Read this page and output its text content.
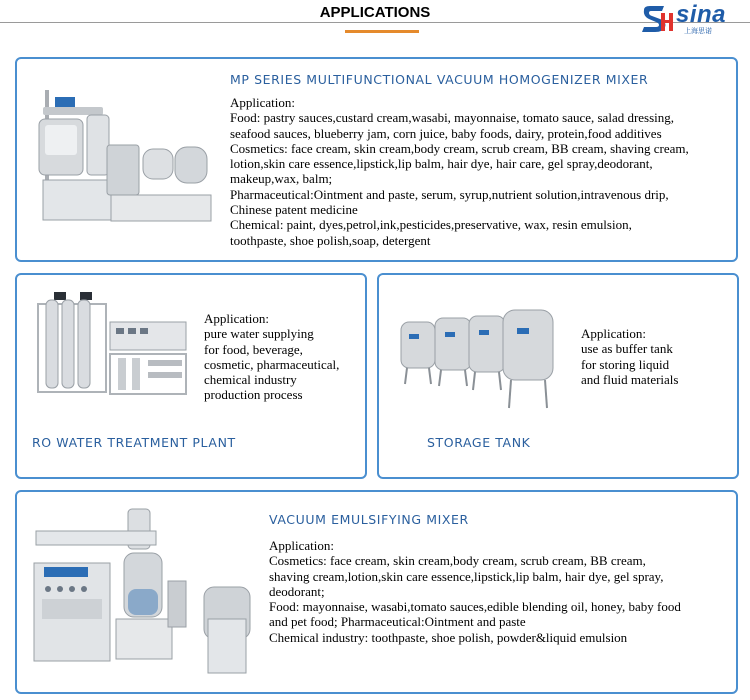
APPLICATIONS	sina
上海思诺
MP SERIES MULTIFUNCTIONAL VACUUM HOMOGENIZER MIXER
Application:
Food: pastry sauces,custard cream,wasabi, mayonnaise, tomato sauce, salad dressing,
seafood sauces, blueberry jam, corn juice, baby foods, dairy, protein,food additives
Cosmetics: face cream, skin cream,body cream, scrub cream, BB cream, shaving cream,
lotion,skin care essence,lipstick,lip balm, hair dye, hair care, gel spray,deodorant,
makeup,wax, balm;
Pharmaceutical:Ointment and paste, serum, syrup,nutrient solution,intravenous drip,
Chinese patent medicine
Chemical: paint, dyes,petrol,ink,pesticides,preservative, wax, resin emulsion,
toothpaste, shoe polish,soap, detergent
Application:
pure water supplying
for food, beverage,
cosmetic, pharmaceutical,
chemical industry
production process
RO WATER TREATMENT PLANT
Application:
use as buffer tank
for storing liquid
and fluid materials
STORAGE TANK
VACUUM EMULSIFYING MIXER
Application:
Cosmetics: face cream, skin cream,body cream, scrub cream, BB cream,
shaving cream,lotion,skin care essence,lipstick,lip balm, hair dye, gel spray,
deodorant;
Food: mayonnaise, wasabi,tomato sauces,edible blending oil, honey, baby food
and pet food; Pharmaceutical:Ointment and paste
Chemical industry: toothpaste, shoe polish, powder&liquid emulsion
